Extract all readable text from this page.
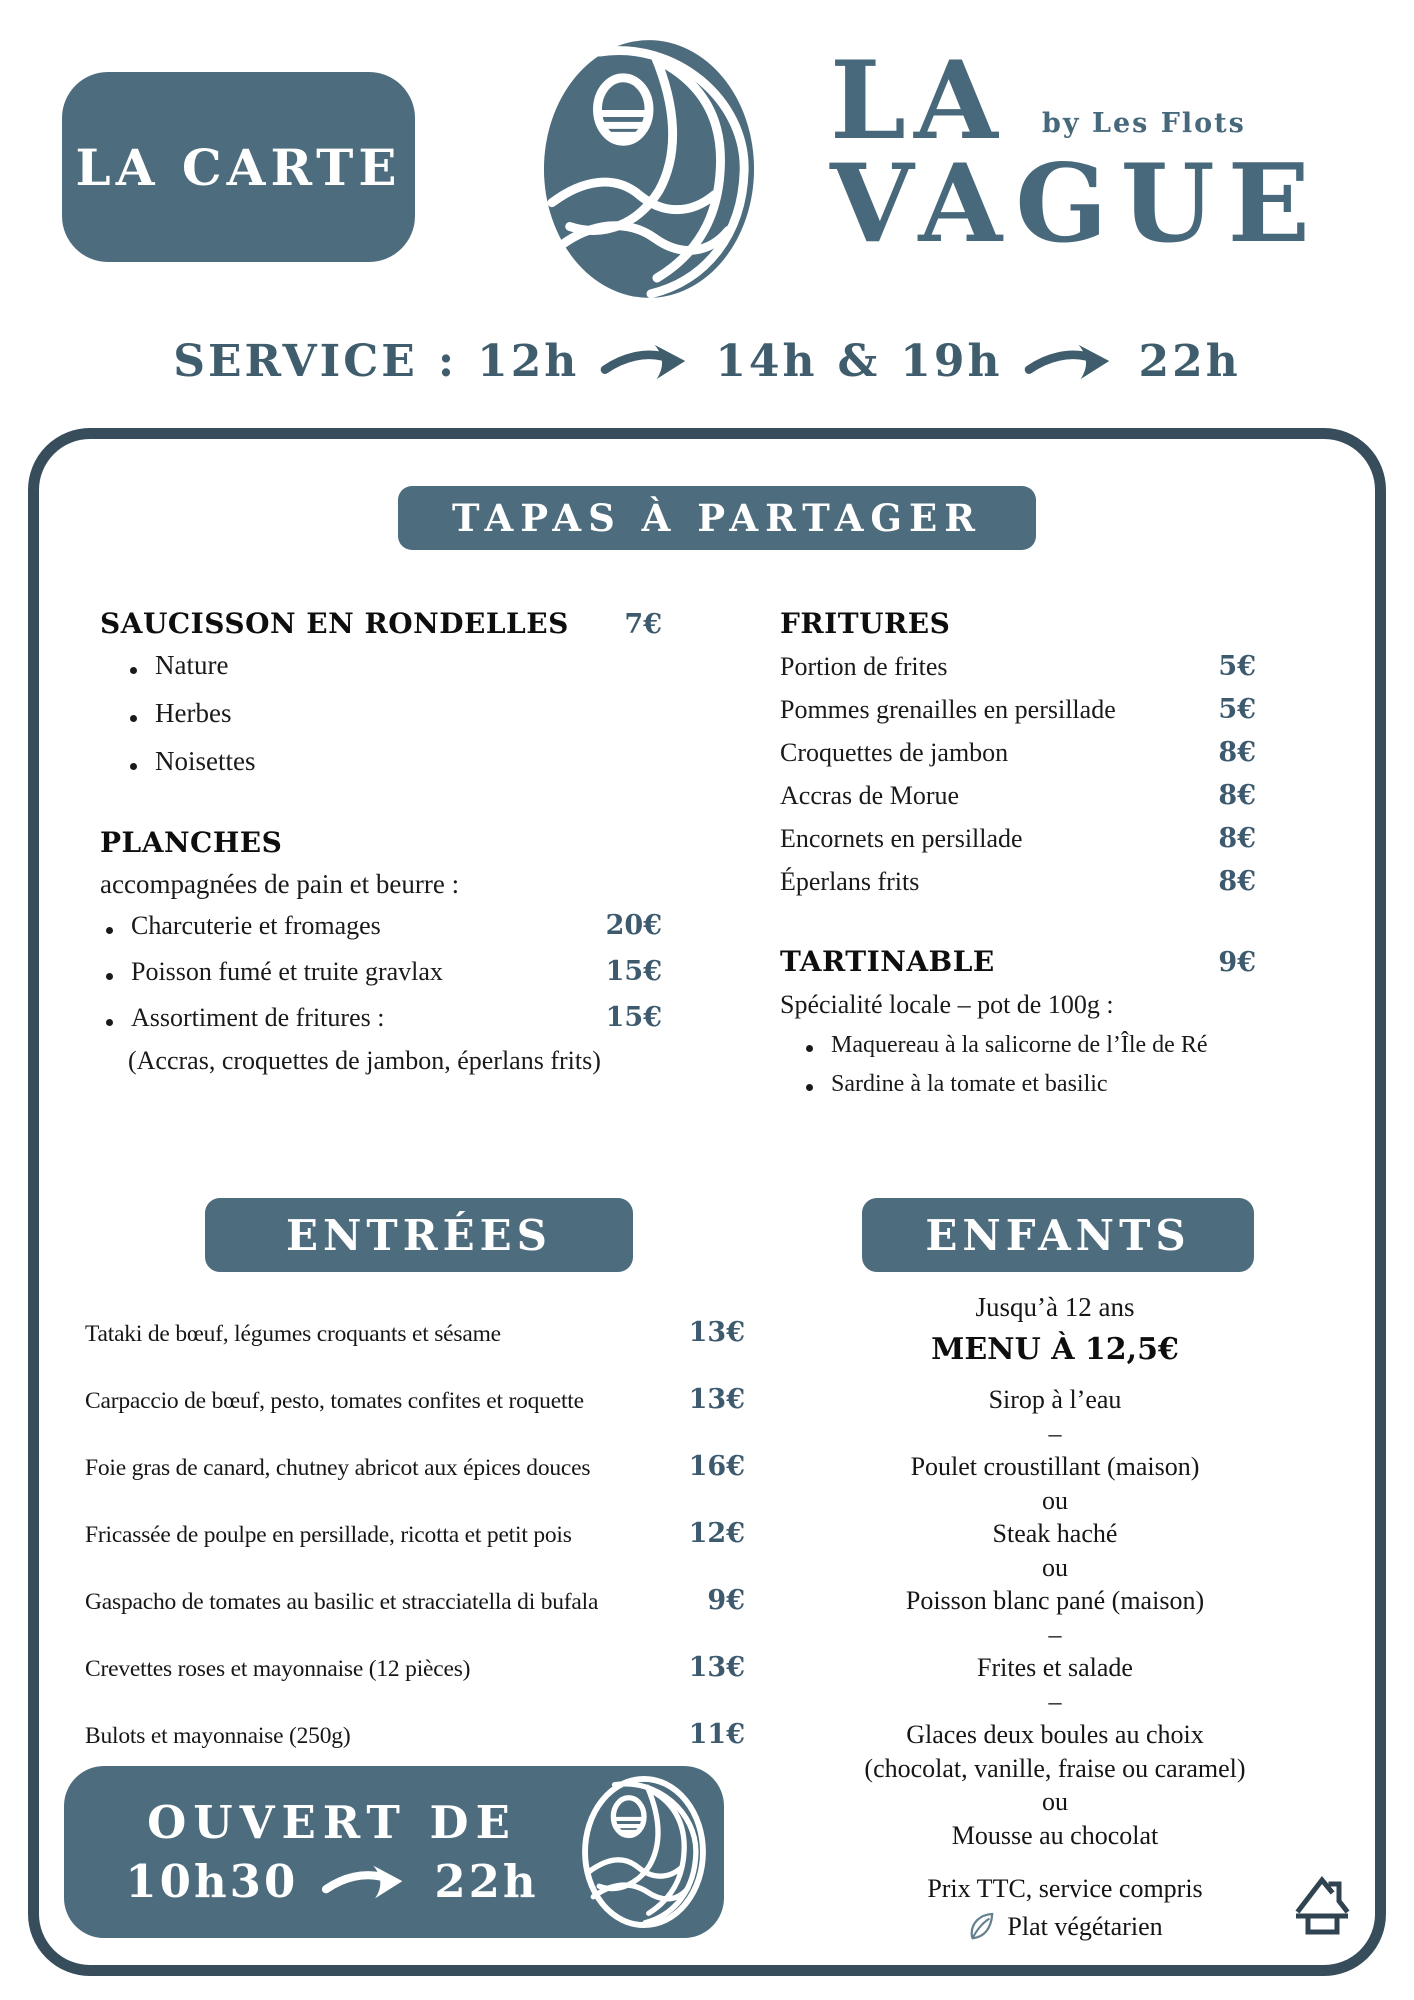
LA CARTE
LA
VAGUE
by Les Flots
SERVICE : 12h	14h & 19h	22h
TAPAS À PARTAGER
SAUCISSON EN RONDELLES	7€
Nature
Herbes
Noisettes
PLANCHES
accompagnées de pain et beurre :
Charcuterie et fromages	20€
Poisson fumé et truite gravlax	15€
Assortiment de fritures :	15€
(Accras, croquettes de jambon, éperlans frits)
FRITURES
Portion de frites	5€
Pommes grenailles en persillade	5€
Croquettes de jambon	8€
Accras de Morue	8€
Encornets en persillade	8€
Éperlans frits	8€
TARTINABLE	9€
Spécialité locale – pot de 100g :
Maquereau à la salicorne de l’Île de Ré
Sardine à la tomate et basilic
ENTRÉES	ENFANTS
Tataki de bœuf, légumes croquants et sésame	13€
Carpaccio de bœuf, pesto, tomates confites et roquette	13€
Foie gras de canard, chutney abricot aux épices douces	16€
Fricassée de poulpe en persillade, ricotta et petit pois	12€
Gaspacho de tomates au basilic et stracciatella di bufala	9€
Crevettes roses et mayonnaise (12 pièces)	13€
Bulots et mayonnaise (250g)	11€
Jusqu’à 12 ans
MENU À 12,5€
Sirop à l’eau
–
Poulet croustillant (maison)
ou
Steak haché
ou
Poisson blanc pané (maison)
–
Frites et salade
–
Glaces deux boules au choix
(chocolat, vanille, fraise ou caramel)
ou
Mousse au chocolat
OUVERT DE
10h30	22h	Prix TTC, service compris
Plat végétarien
